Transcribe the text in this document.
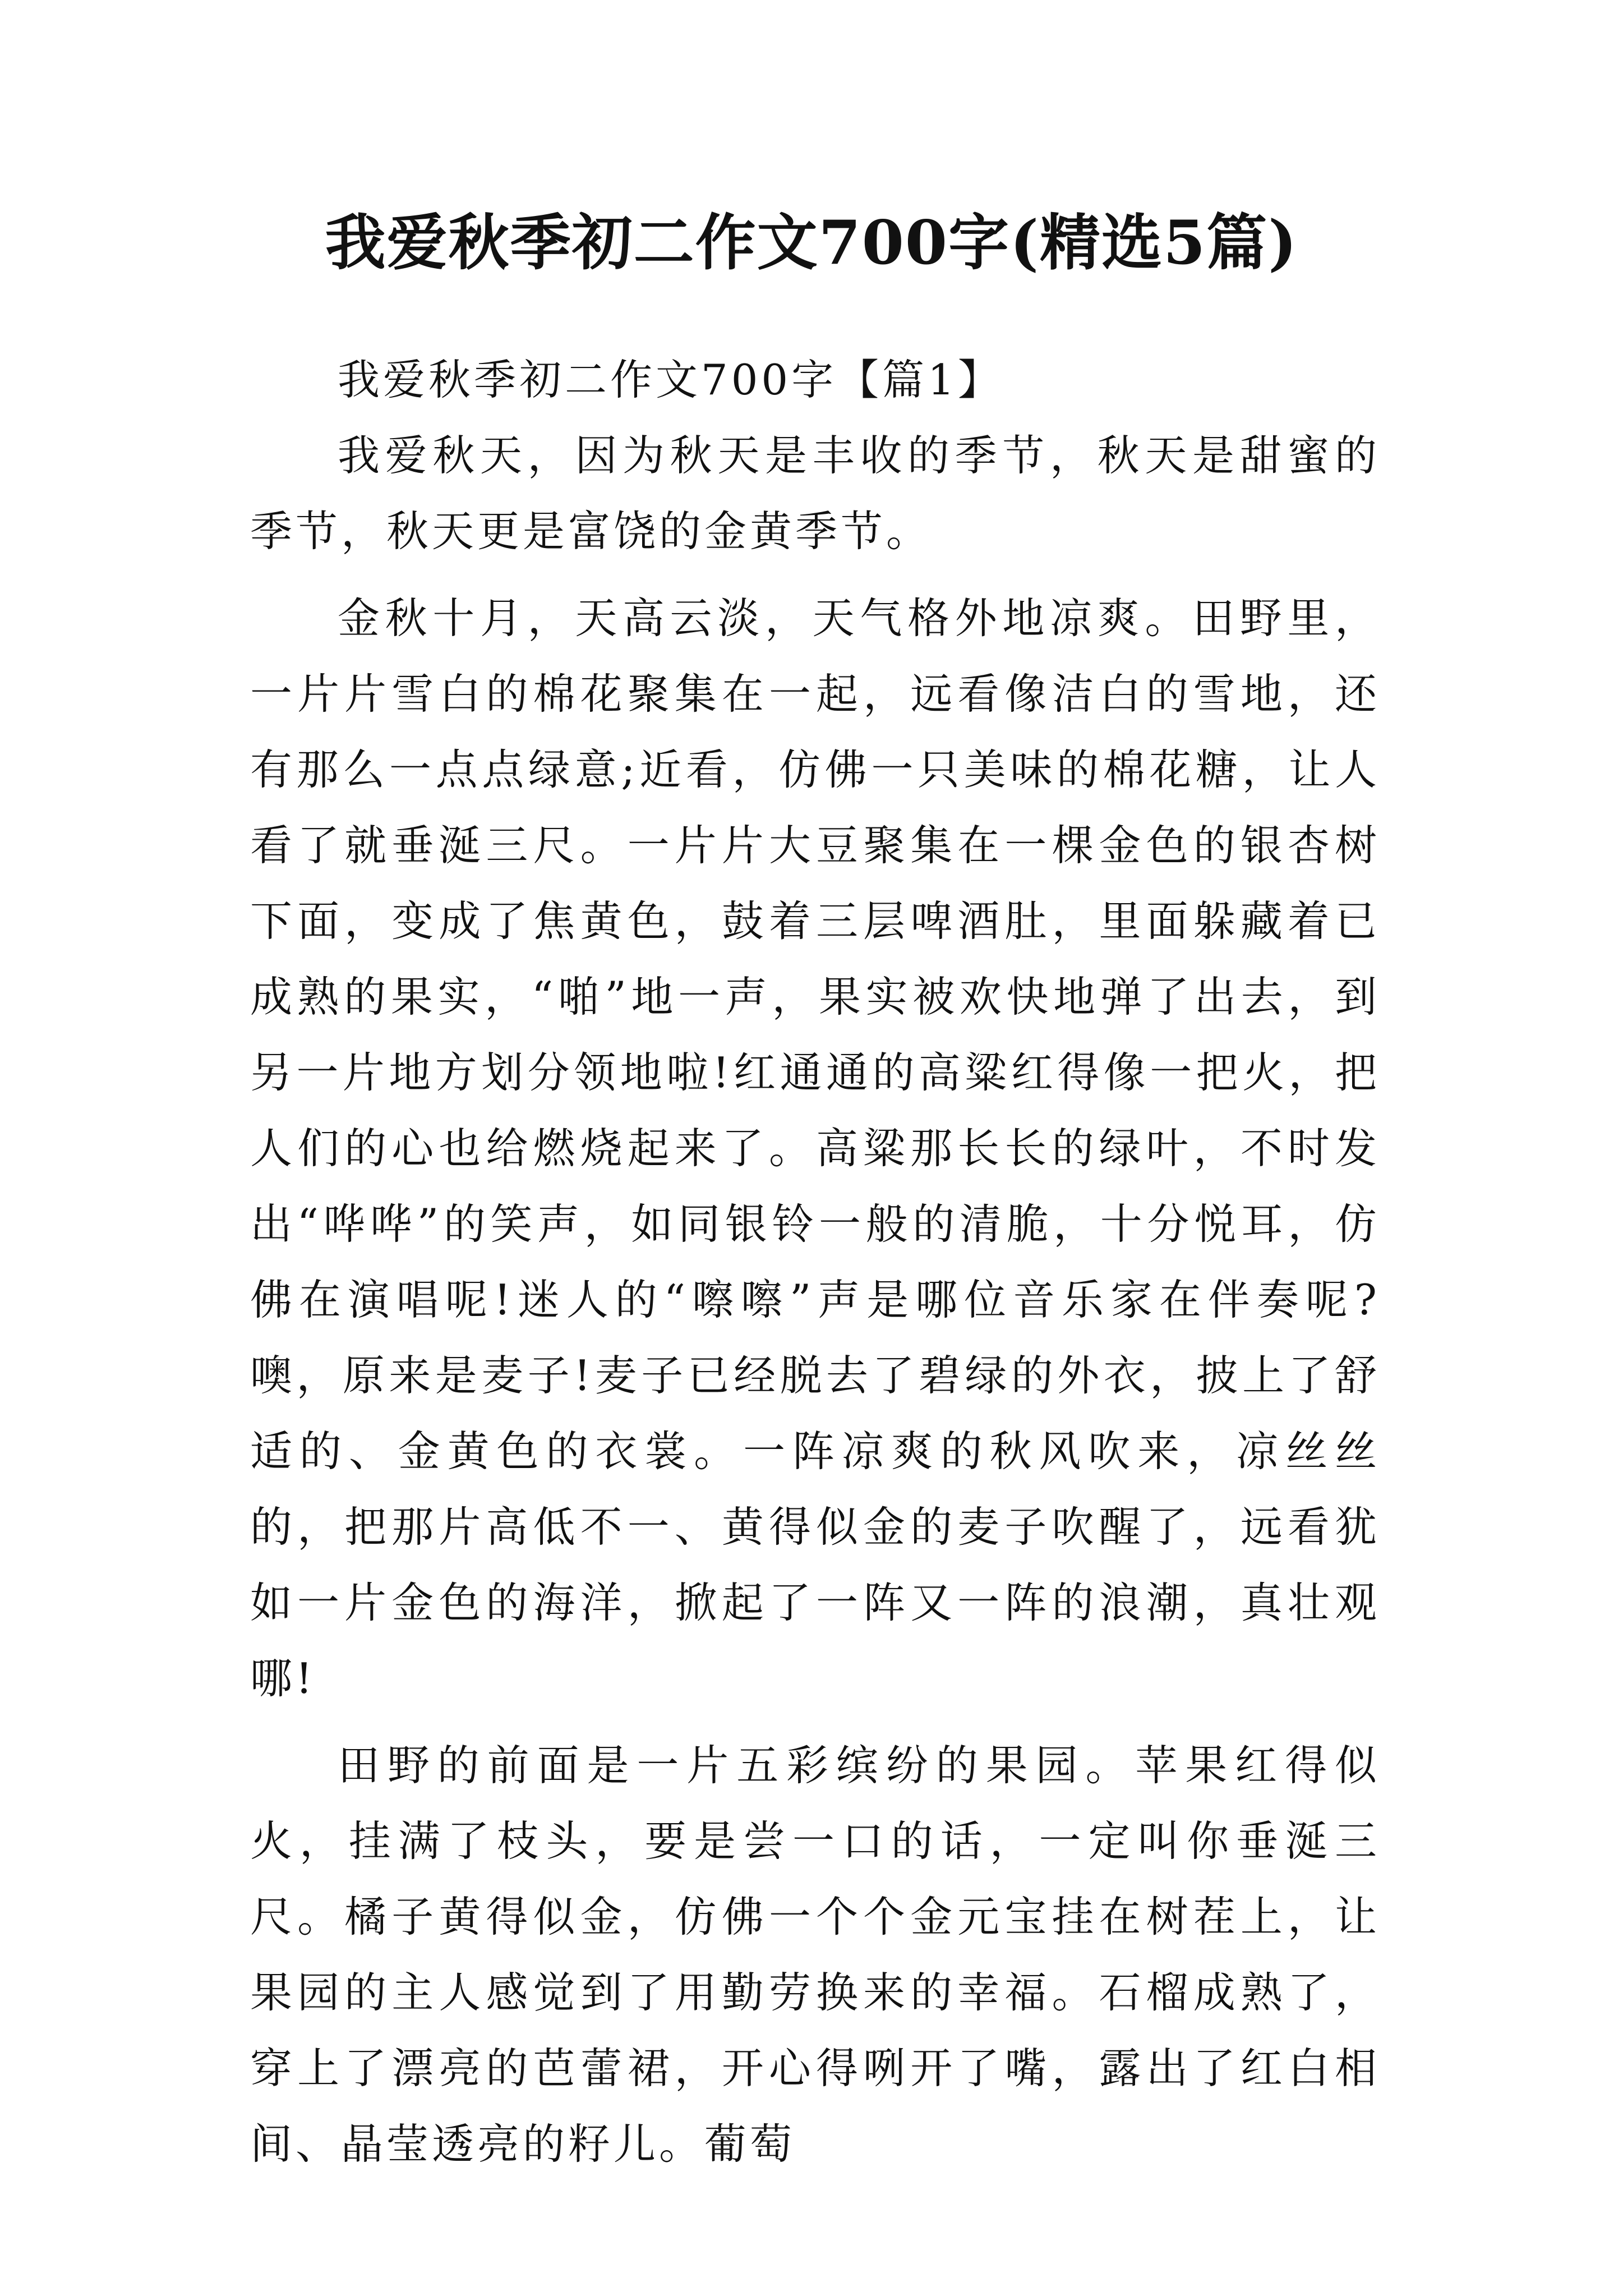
我爱秋季初二作文700字(精选5篇)

我爱秋季初二作文700字【篇1】

我爱秋天，因为秋天是丰收的季节，秋天是甜蜜的季节，秋天更是富饶的金黄季节。

金秋十月，天高云淡，天气格外地凉爽。田野里，一片片雪白的棉花聚集在一起，远看像洁白的雪地，还有那么一点点绿意;近看，仿佛一只美味的棉花糖，让人看了就垂涎三尺。一片片大豆聚集在一棵金色的银杏树下面，变成了焦黄色，鼓着三层啤酒肚，里面躲藏着已成熟的果实，“啪”地一声，果实被欢快地弹了出去，到另一片地方划分领地啦!红通通的高粱红得像一把火，把人们的心也给燃烧起来了。高粱那长长的绿叶，不时发出“哗哗”的笑声，如同银铃一般的清脆，十分悦耳，仿佛在演唱呢!迷人的“嚓嚓”声是哪位音乐家在伴奏呢?噢，原来是麦子!麦子已经脱去了碧绿的外衣，披上了舒适的、金黄色的衣裳。一阵凉爽的秋风吹来，凉丝丝的，把那片高低不一、黄得似金的麦子吹醒了，远看犹如一片金色的海洋，掀起了一阵又一阵的浪潮，真壮观哪!

田野的前面是一片五彩缤纷的果园。苹果红得似火，挂满了枝头，要是尝一口的话，一定叫你垂涎三尺。橘子黄得似金，仿佛一个个金元宝挂在树茬上，让果园的主人感觉到了用勤劳换来的幸福。石榴成熟了，穿上了漂亮的芭蕾裙，开心得咧开了嘴，露出了红白相间、晶莹透亮的籽儿。葡萄
